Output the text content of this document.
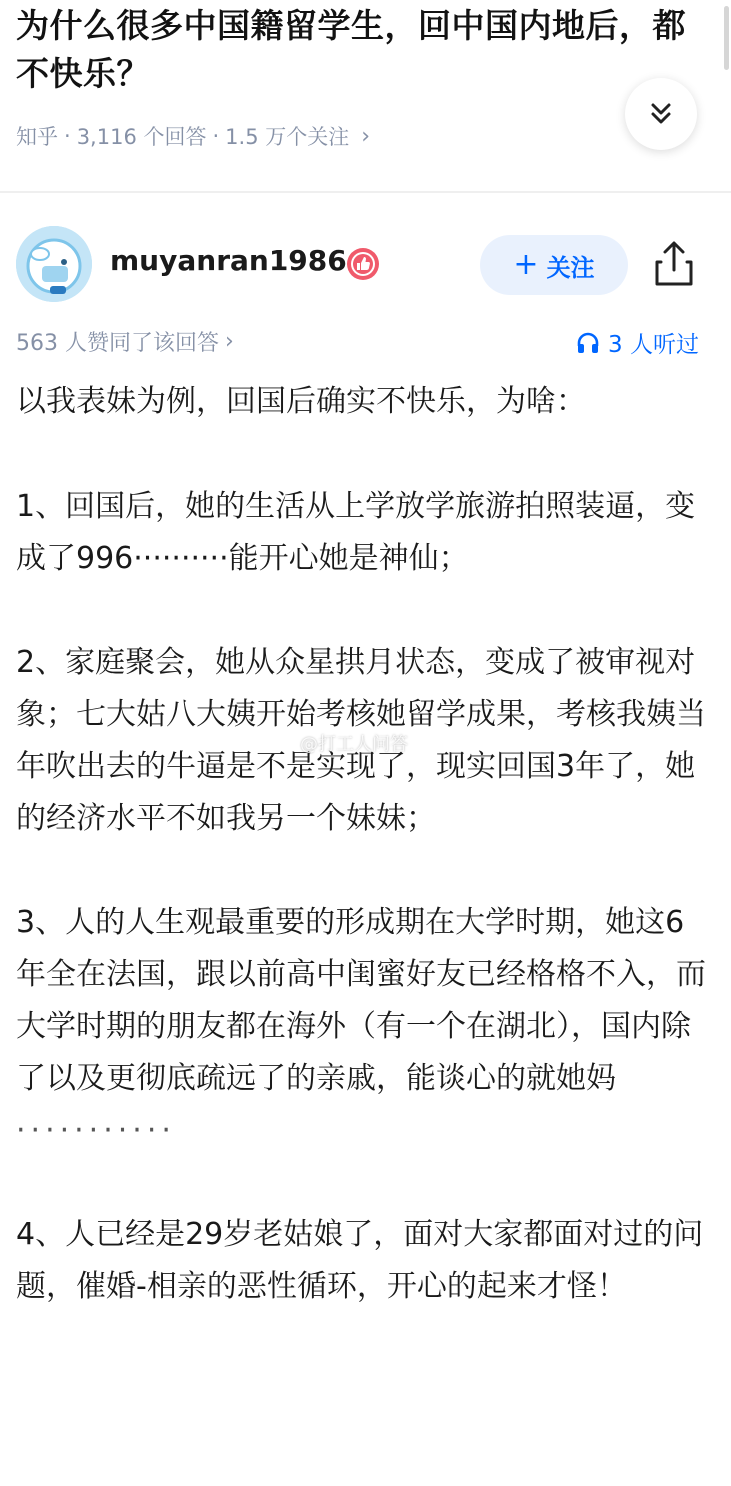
为什么很多中国籍留学生，回中国内地后，都不快乐？
知乎 · 3,116 个回答 · 1.5 万个关注 ›
muyanran1986	+ 关注
563 人赞同了该回答 ›	3 人听过

以我表妹为例，回国后确实不快乐，为啥：

1、回国后，她的生活从上学放学旅游拍照装逼，变成了996··········能开心她是神仙；

2、家庭聚会，她从众星拱月状态，变成了被审视对象；七大姑八大姨开始考核她留学成果，考核我姨当年吹出去的牛逼是不是实现了，现实回国3年了，她的经济水平不如我另一个妹妹；

3、人的人生观最重要的形成期在大学时期，她这6年全在法国，跟以前高中闺蜜好友已经格格不入，而大学时期的朋友都在海外（有一个在湖北），国内除了以及更彻底疏远了的亲戚，能谈心的就她妈

···········

4、人已经是29岁老姑娘了，面对大家都面对过的问题，催婚-相亲的恶性循环，开心的起来才怪！

@打工人问答
